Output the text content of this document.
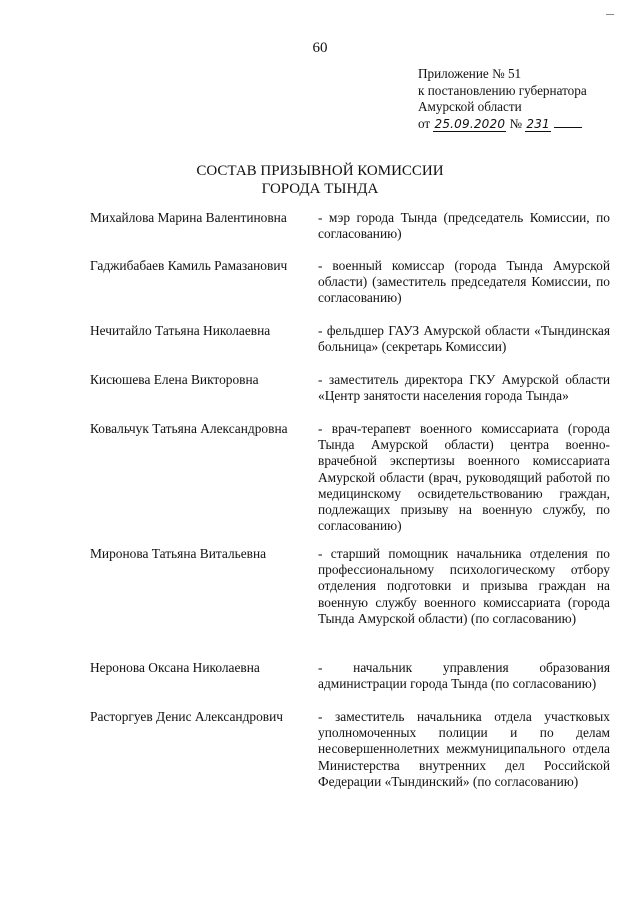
60
Приложение № 51
к постановлению губернатора
Амурской области
от 25.09.2020 № 231
СОСТАВ ПРИЗЫВНОЙ КОМИССИИ
ГОРОДА ТЫНДА
Михайлова Марина Валентиновна	- мэр города Тында (председатель Комиссии, по согласованию)
Гаджибабаев Камиль Рамазанович	- военный комиссар (города Тында Амурской области) (заместитель председателя Комиссии, по согласованию)
Нечитайло Татьяна Николаевна	- фельдшер ГАУЗ Амурской области «Тындинская больница» (секретарь Комиссии)
Кисюшева Елена Викторовна	- заместитель директора ГКУ Амурской области «Центр занятости населения города Тында»
Ковальчук Татьяна Александровна	- врач-терапевт военного комиссариата (города Тында Амурской области) центра военно-врачебной экспертизы военного комиссариата Амурской области (врач, руководящий работой по медицинскому освидетельствованию граждан, подлежащих призыву на военную службу, по согласованию)
Миронова Татьяна Витальевна	- старший помощник начальника отделения по профессиональному психологическому отбору отделения подготовки и призыва граждан на военную службу военного комиссариата (города Тында Амурской области) (по согласованию)
Неронова Оксана Николаевна	- начальник управления образования администрации города Тында (по согласованию)
Расторгуев Денис Александрович	- заместитель начальника отдела участковых уполномоченных полиции и по делам несовершеннолетних межмуниципального отдела Министерства внутренних дел Российской Федерации «Тындинский» (по согласованию)
